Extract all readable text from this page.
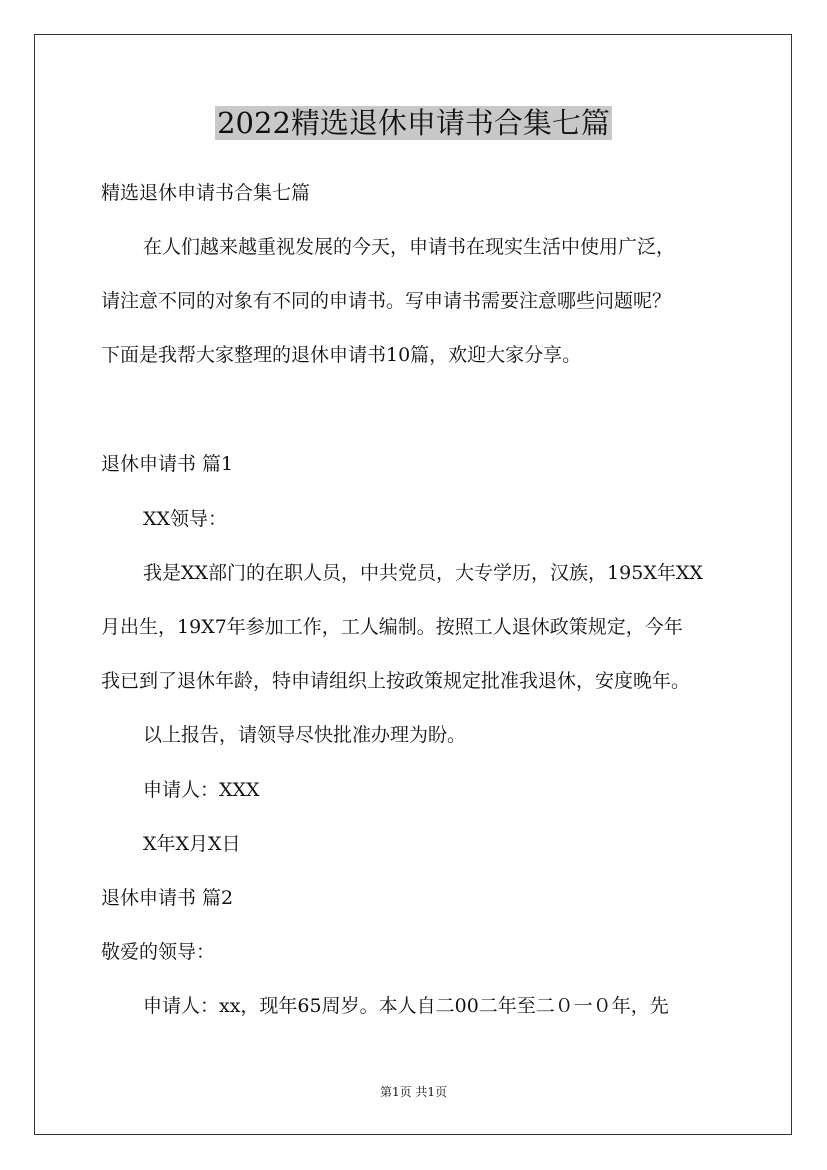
2022精选退休申请书合集七篇
精选退休申请书合集七篇
在人们越来越重视发展的今天，申请书在现实生活中使用广泛，
请注意不同的对象有不同的申请书。写申请书需要注意哪些问题呢？
下面是我帮大家整理的退休申请书10篇，欢迎大家分享。
退休申请书 篇1
XX领导：
我是XX部门的在职人员，中共党员，大专学历，汉族，195X年XX
月出生，19X7年参加工作，工人编制。按照工人退休政策规定，今年
我已到了退休年龄，特申请组织上按政策规定批准我退休，安度晚年。
以上报告，请领导尽快批准办理为盼。
申请人：XXX
X年X月X日
退休申请书 篇2
敬爱的领导：
申请人：xx，现年65周岁。本人自二00二年至二０一０年，先
第1页 共1页
